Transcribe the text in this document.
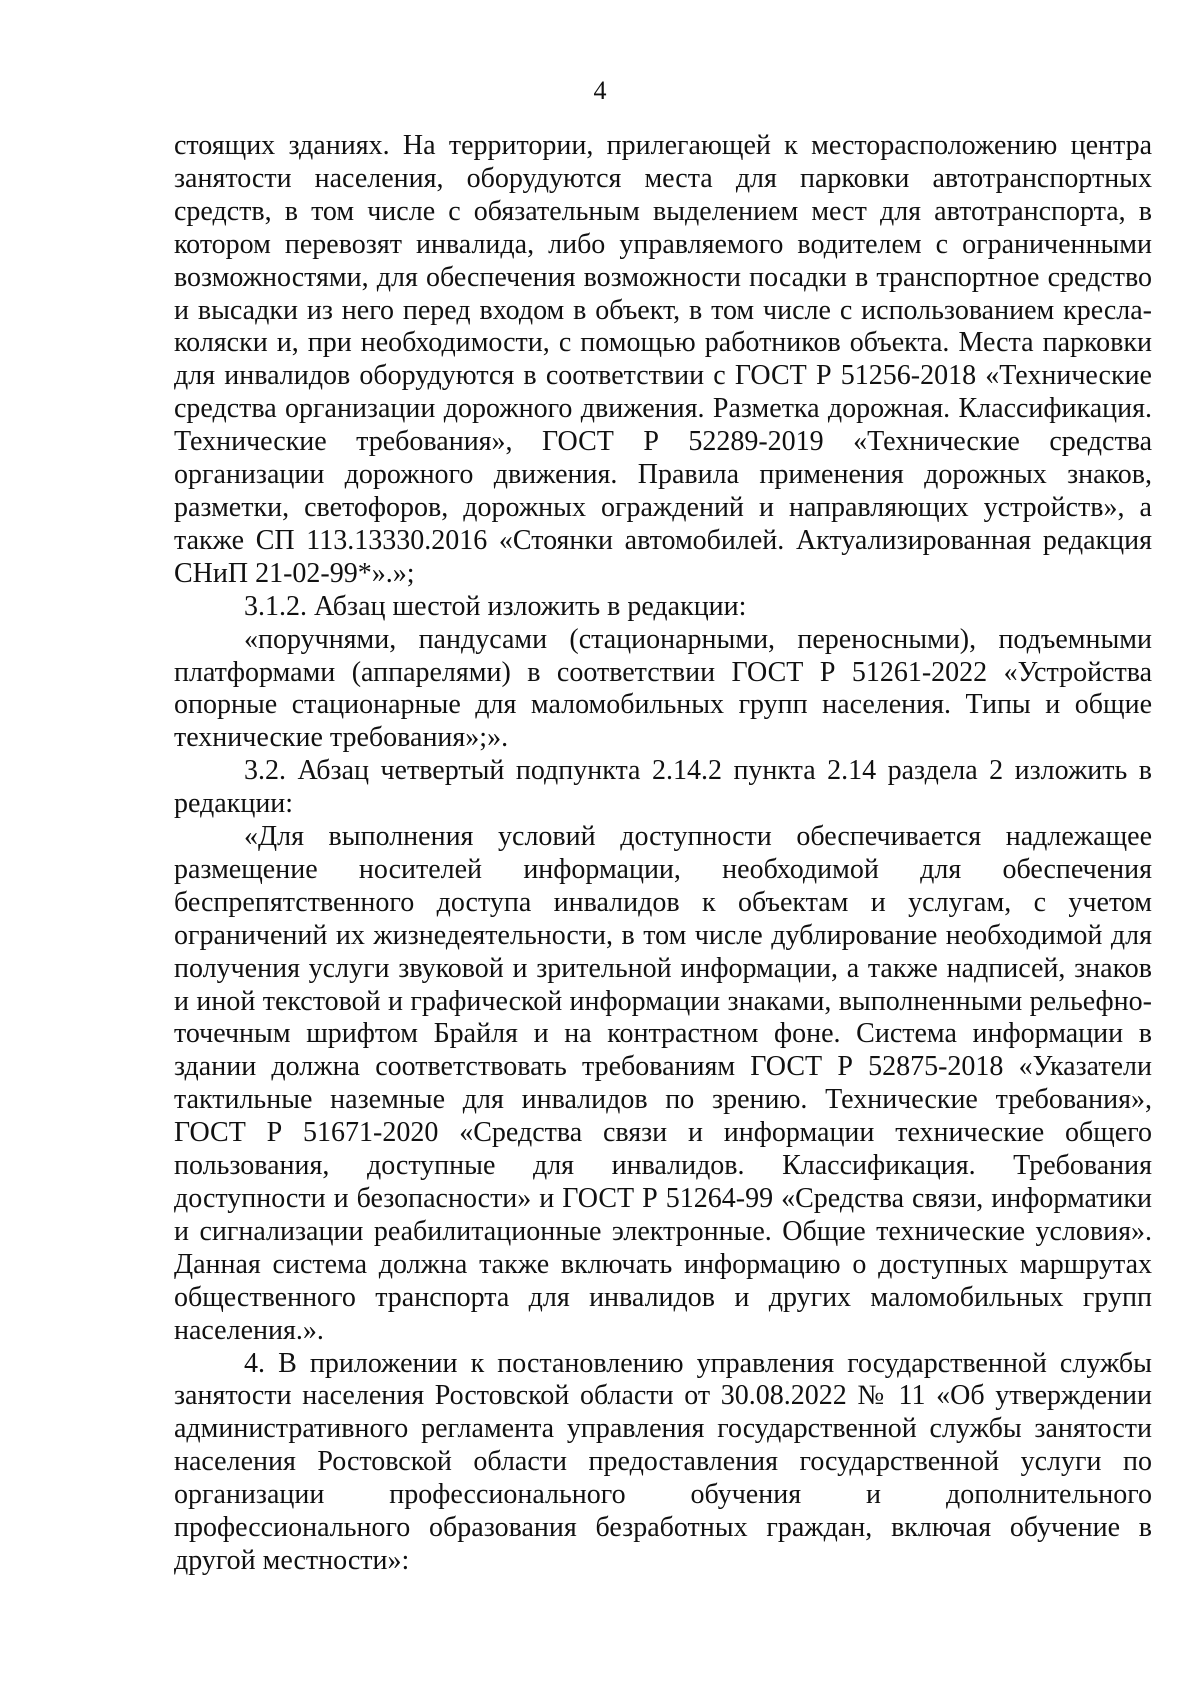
4

стоящих зданиях. На территории, прилегающей к месторасположению центра занятости населения, оборудуются места для парковки автотранспортных средств, в том числе с обязательным выделением мест для автотранспорта, в котором перевозят инвалида, либо управляемого водителем с ограниченными возможностями, для обеспечения возможности посадки в транспортное средство и высадки из него перед входом в объект, в том числе с использованием кресла-коляски и, при необходимости, с помощью работников объекта. Места парковки для инвалидов оборудуются в соответствии с ГОСТ Р 51256-2018 «Технические средства организации дорожного движения. Разметка дорожная. Классификация. Технические требования», ГОСТ Р 52289-2019 «Технические средства организации дорожного движения. Правила применения дорожных знаков, разметки, светофоров, дорожных ограждений и направляющих устройств», а также СП 113.13330.2016 «Стоянки автомобилей. Актуализированная редакция СНиП 21-02-99*».»;

3.1.2. Абзац шестой изложить в редакции:

«поручнями, пандусами (стационарными, переносными), подъемными платформами (аппарелями) в соответствии ГОСТ Р 51261-2022 «Устройства опорные стационарные для маломобильных групп населения. Типы и общие технические требования»;».

3.2. Абзац четвертый подпункта 2.14.2 пункта 2.14 раздела 2 изложить в редакции:

«Для выполнения условий доступности обеспечивается надлежащее размещение носителей информации, необходимой для обеспечения беспрепятственного доступа инвалидов к объектам и услугам, с учетом ограничений их жизнедеятельности, в том числе дублирование необходимой для получения услуги звуковой и зрительной информации, а также надписей, знаков и иной текстовой и графической информации знаками, выполненными рельефно-точечным шрифтом Брайля и на контрастном фоне. Система информации в здании должна соответствовать требованиям ГОСТ Р 52875-2018 «Указатели тактильные наземные для инвалидов по зрению. Технические требования», ГОСТ Р 51671-2020 «Средства связи и информации технические общего пользования, доступные для инвалидов. Классификация. Требования доступности и безопасности» и ГОСТ Р 51264-99 «Средства связи, информатики и сигнализации реабилитационные электронные. Общие технические условия». Данная система должна также включать информацию о доступных маршрутах общественного транспорта для инвалидов и других маломобильных групп населения.».

4. В приложении к постановлению управления государственной службы занятости населения Ростовской области от 30.08.2022 № 11 «Об утверждении административного регламента управления государственной службы занятости населения Ростовской области предоставления государственной услуги по организации профессионального обучения и дополнительного профессионального образования безработных граждан, включая обучение в другой местности»:
